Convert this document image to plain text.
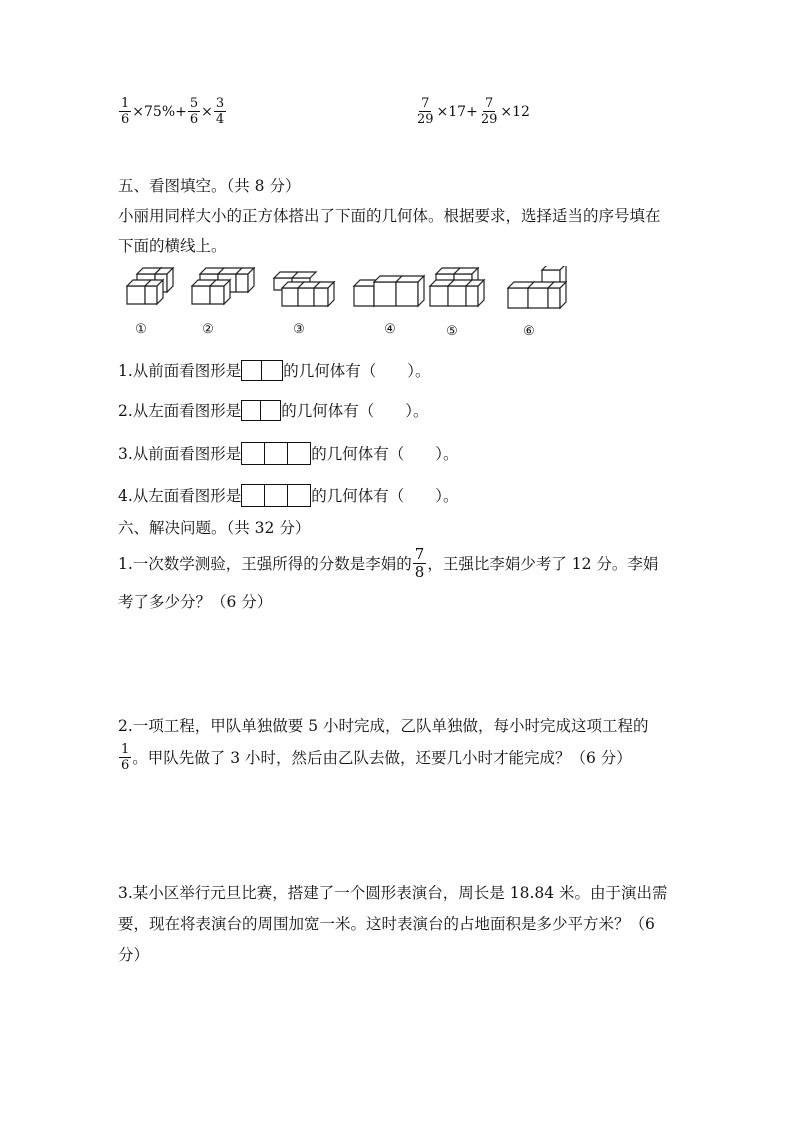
$\frac{1}{6} \times 75\%+ \frac{5}{6} \times \frac{3}{4}$	$\frac{7}{29} \times 17+ \frac{7}{29} \times 12$
五、看图填空。（共 8 分）
小丽用同样大小的正方体搭出了下面的几何体。根据要求，选择适当的序号填在
下面的横线上。
①	②	③	④	⑤	⑥
1.从前面看图形是	的几何体有（　　）。
2.从左面看图形是	的几何体有（　　）。
3.从前面看图形是	的几何体有（　　）。
4.从左面看图形是	的几何体有（　　）。
六、解决问题。（共 32 分）
1.一次数学测验，王强所得的分数是李娟的 $\frac{7}{8}$ ，王强比李娟少考了 12 分。李娟
考了多少分？（6 分）
2.一项工程，甲队单独做要 5 小时完成，乙队单独做，每小时完成这项工程的
$\frac{1}{6}$ 。甲队先做了 3 小时，然后由乙队去做，还要几小时才能完成？（6 分）
3.某小区举行元旦比赛，搭建了一个圆形表演台，周长是 18.84 米。由于演出需
要，现在将表演台的周围加宽一米。这时表演台的占地面积是多少平方米？（6
分）
